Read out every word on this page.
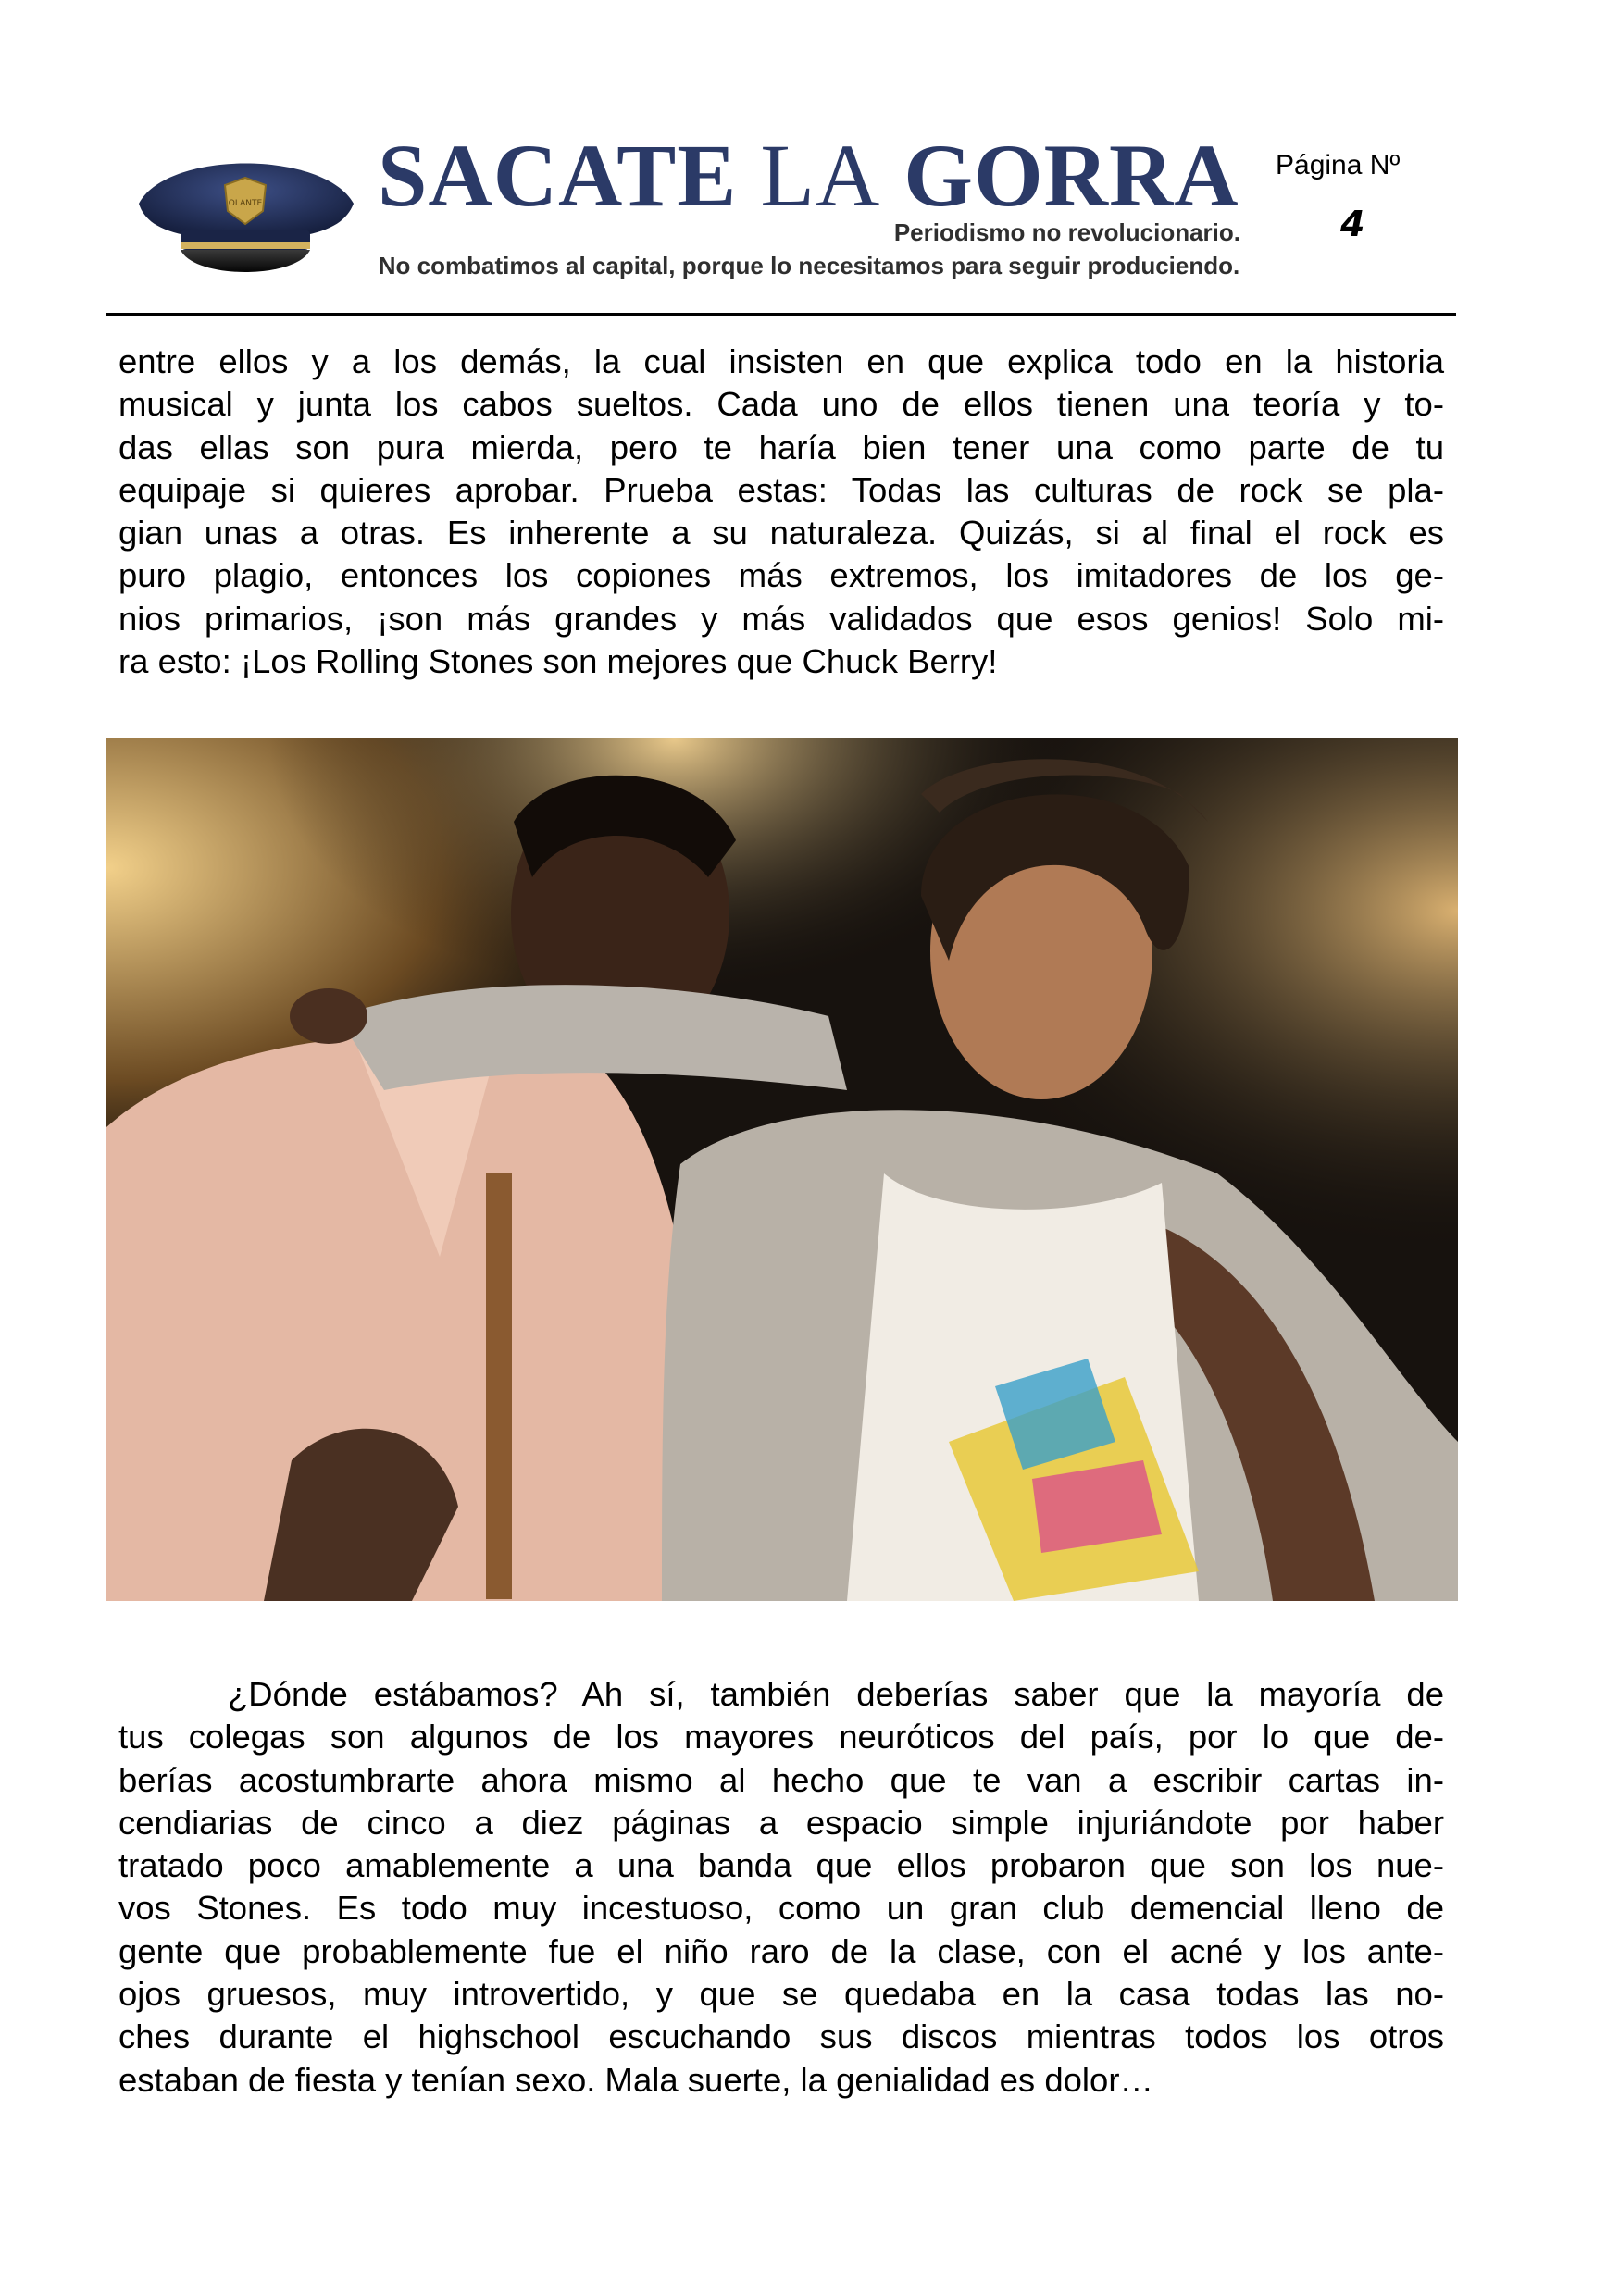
OLANTE SACATE LA GORRA
Periodismo no revolucionario.
No combatimos al capital, porque lo necesitamos para seguir produciendo.
Página Nº
4

entre ellos y a los demás, la cual insisten en que explica todo en la historia
musical y junta los cabos sueltos. Cada uno de ellos tienen una teoría y to-
das ellas son pura mierda, pero te haría bien tener una como parte de tu
equipaje si quieres aprobar. Prueba estas: Todas las culturas de rock se pla-
gian unas a otras. Es inherente a su naturaleza. Quizás, si al final el rock es
puro plagio, entonces los copiones más extremos, los imitadores de los ge-
nios primarios, ¡son más grandes y más validados que esos genios! Solo mi-
ra esto: ¡Los Rolling Stones son mejores que Chuck Berry!

¿Dónde estábamos? Ah sí, también deberías saber que la mayoría de
tus colegas son algunos de los mayores neuróticos del país, por lo que de-
berías acostumbrarte ahora mismo al hecho que te van a escribir cartas in-
cendiarias de cinco a diez páginas a espacio simple injuriándote por haber
tratado poco amablemente a una banda que ellos probaron que son los nue-
vos Stones. Es todo muy incestuoso, como un gran club demencial lleno de
gente que probablemente fue el niño raro de la clase, con el acné y los ante-
ojos gruesos, muy introvertido, y que se quedaba en la casa todas las no-
ches durante el highschool escuchando sus discos mientras todos los otros
estaban de fiesta y tenían sexo. Mala suerte, la genialidad es dolor…
